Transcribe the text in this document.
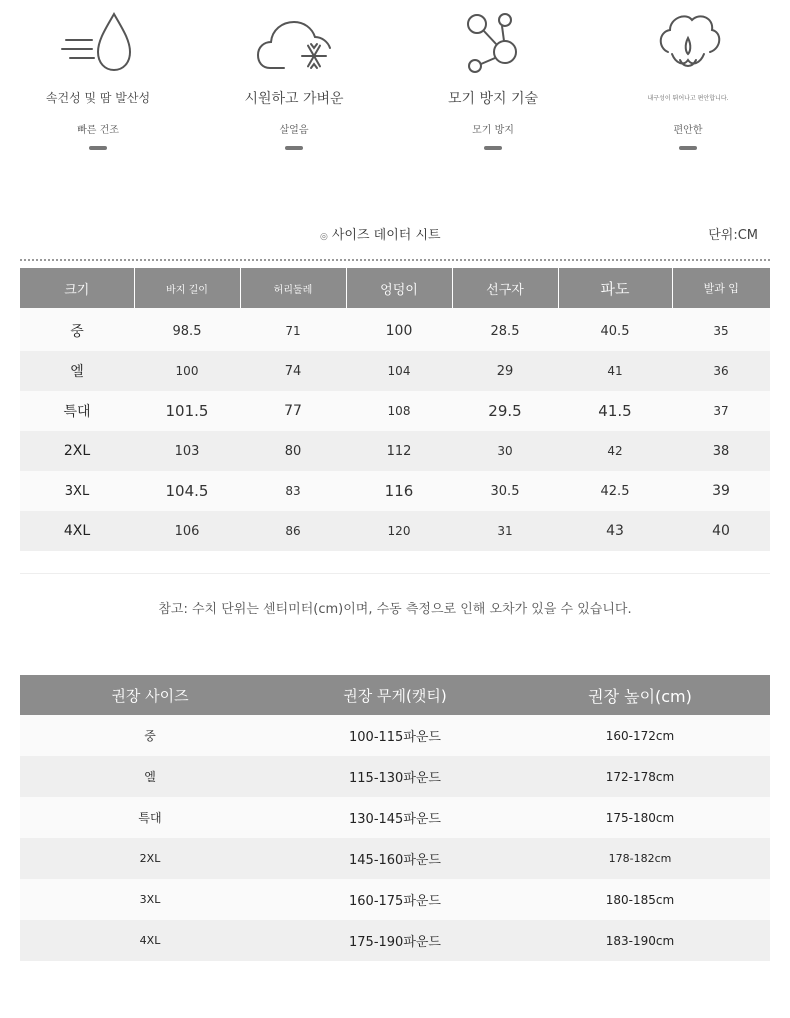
속건성 및 땀 발산성
빠른 건조
시원하고 가벼운
살얼음
모기 방지 기술
모기 방지
내구성이 뛰어나고 편안합니다.
편안한
◎ 사이즈 데이터 시트	단위:CM
크기	바지 길이	허리둘레	엉덩이	선구자	파도	발과 입
중	98.5	71	100	28.5	40.5	35
엘	100	74	104	29	41	36
특대	101.5	77	108	29.5	41.5	37
2XL	103	80	112	30	42	38
3XL	104.5	83	116	30.5	42.5	39
4XL	106	86	120	31	43	40
참고: 수치 단위는 센티미터(cm)이며, 수동 측정으로 인해 오차가 있을 수 있습니다.
권장 사이즈	권장 무게(캣티)	권장 높이(cm)
중	100-115파운드	160-172cm
엘	115-130파운드	172-178cm
특대	130-145파운드	175-180cm
2XL	145-160파운드	178-182cm
3XL	160-175파운드	180-185cm
4XL	175-190파운드	183-190cm
